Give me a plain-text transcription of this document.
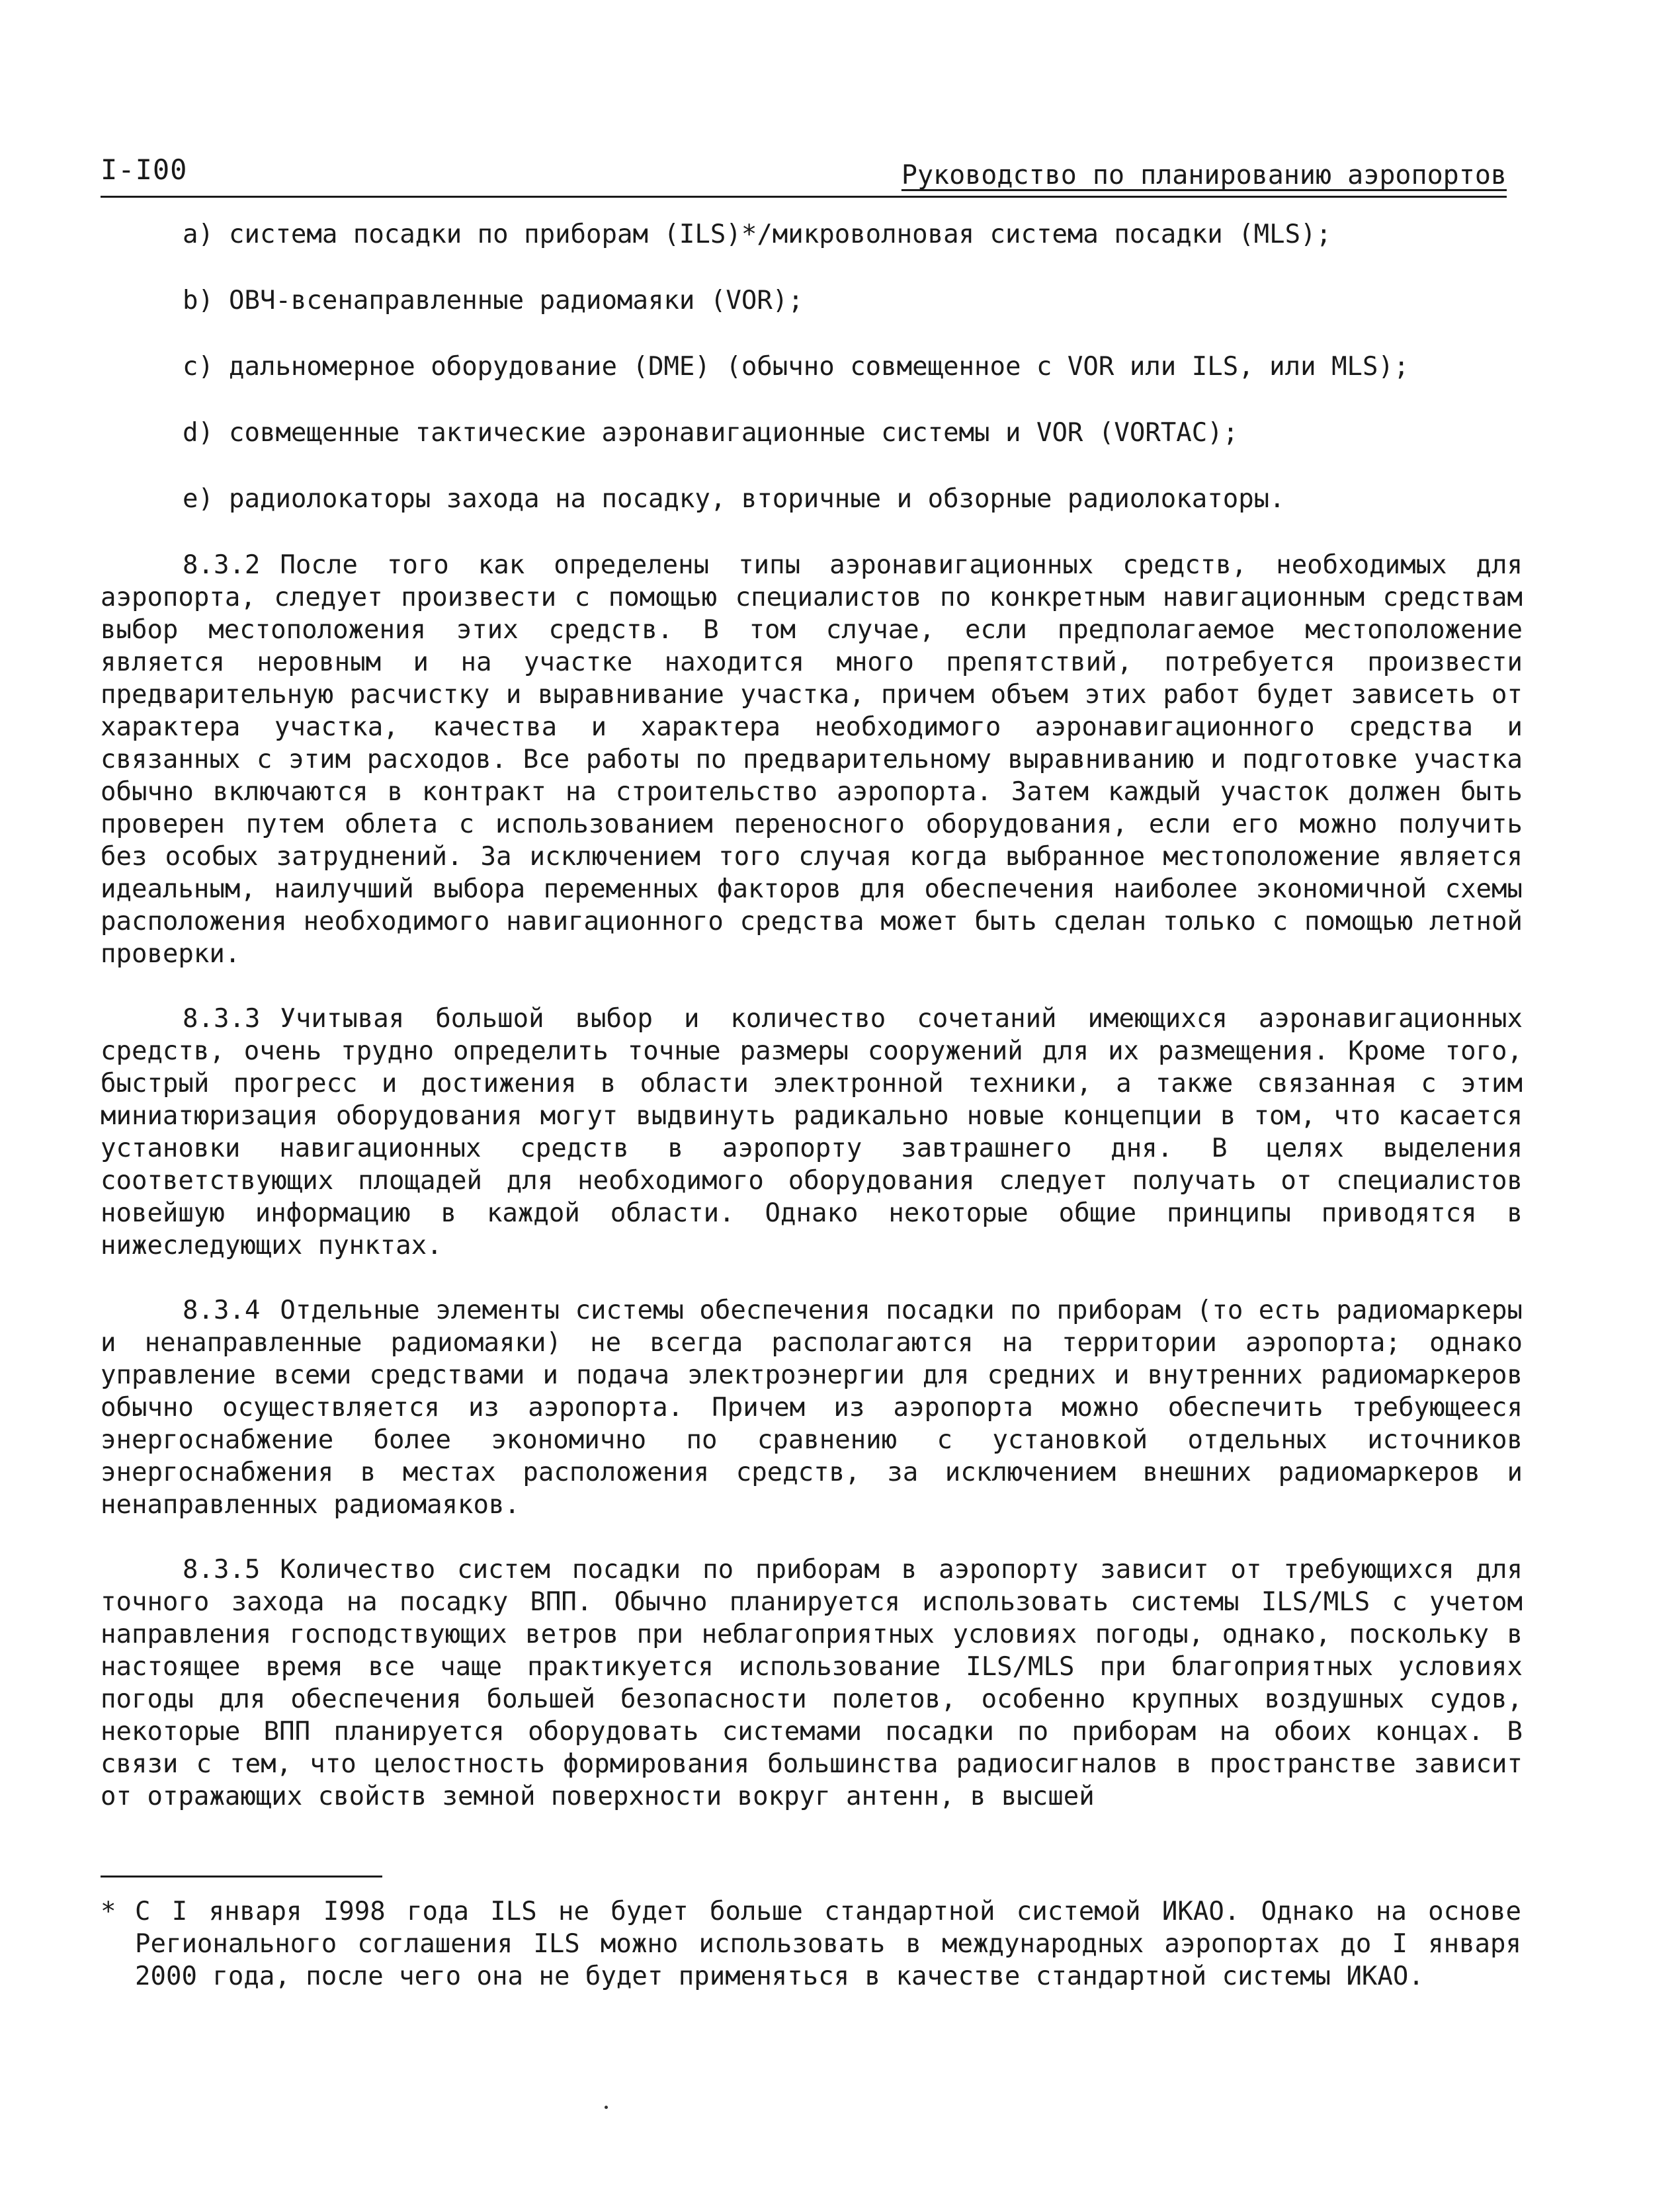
I-I00	Руководство по планированию аэропортов
а) система посадки по приборам (ILS)*/микроволновая система посадки (MLS);
b) ОВЧ-всенаправленные радиомаяки (VOR);
c) дальномерное оборудование (DME) (обычно совмещенное с VOR или ILS, или MLS);
d) совмещенные тактические аэронавигационные системы и VOR (VORTAC);
e) радиолокаторы захода на посадку, вторичные и обзорные радиолокаторы.

8.3.2 После того как определены типы аэронавигационных средств, необходимых для аэропорта, следует произвести с помощью специалистов по конкретным навигационным средствам выбор местоположения этих средств. В том случае, если предполагаемое местоположение является неровным и на участке находится много препятствий, потребуется произвести предварительную расчистку и выравнивание участка, причем объем этих работ будет зависеть от характера участка, качества и характера необходимого аэронавигационного средства и связанных с этим расходов. Все работы по предварительному выравниванию и подготовке участка обычно включаются в контракт на строительство аэропорта. Затем каждый участок должен быть проверен путем облета с использованием переносного оборудования, если его можно получить без особых затруднений. За исключением того случая когда выбранное местоположение является идеальным, наилучший выбора переменных факторов для обеспечения наиболее экономичной схемы расположения необходимого навигационного средства может быть сделан только с помощью летной проверки.

8.3.3 Учитывая большой выбор и количество сочетаний имеющихся аэронавигационных средств, очень трудно определить точные размеры сооружений для их размещения. Кроме того, быстрый прогресс и достижения в области электронной техники, а также связанная с этим миниатюризация оборудования могут выдвинуть радикально новые концепции в том, что касается установки навигационных средств в аэропорту завтрашнего дня. В целях выделения соответствующих площадей для необходимого оборудования следует получать от специалистов новейшую информацию в каждой области. Однако некоторые общие принципы приводятся в нижеследующих пунктах.

8.3.4 Отдельные элементы системы обеспечения посадки по приборам (то есть радиомаркеры и ненаправленные радиомаяки) не всегда располагаются на территории аэропорта; однако управление всеми средствами и подача электроэнергии для средних и внутренних радиомаркеров обычно осуществляется из аэропорта. Причем из аэропорта можно обеспечить требующееся энергоснабжение более экономично по сравнению с установкой отдельных источников энергоснабжения в местах расположения средств, за исключением внешних радиомаркеров и ненаправленных радиомаяков.

8.3.5 Количество систем посадки по приборам в аэропорту зависит от требующихся для точного захода на посадку ВПП. Обычно планируется использовать системы ILS/MLS с учетом направления господствующих ветров при неблагоприятных условиях погоды, однако, поскольку в настоящее время все чаще практикуется использование ILS/MLS при благоприятных условиях погоды для обеспечения большей безопасности полетов, особенно крупных воздушных судов, некоторые ВПП планируется оборудовать системами посадки по приборам на обоих концах. В связи с тем, что целостность формирования большинства радиосигналов в пространстве зависит от отражающих свойств земной поверхности вокруг антенн, в высшей

* С I января I998 года ILS не будет больше стандартной системой ИКАО. Однако на основе Регионального соглашения ILS можно использовать в международных аэропортах до I января 2000 года, после чего она не будет применяться в качестве стандартной системы ИКАО.
